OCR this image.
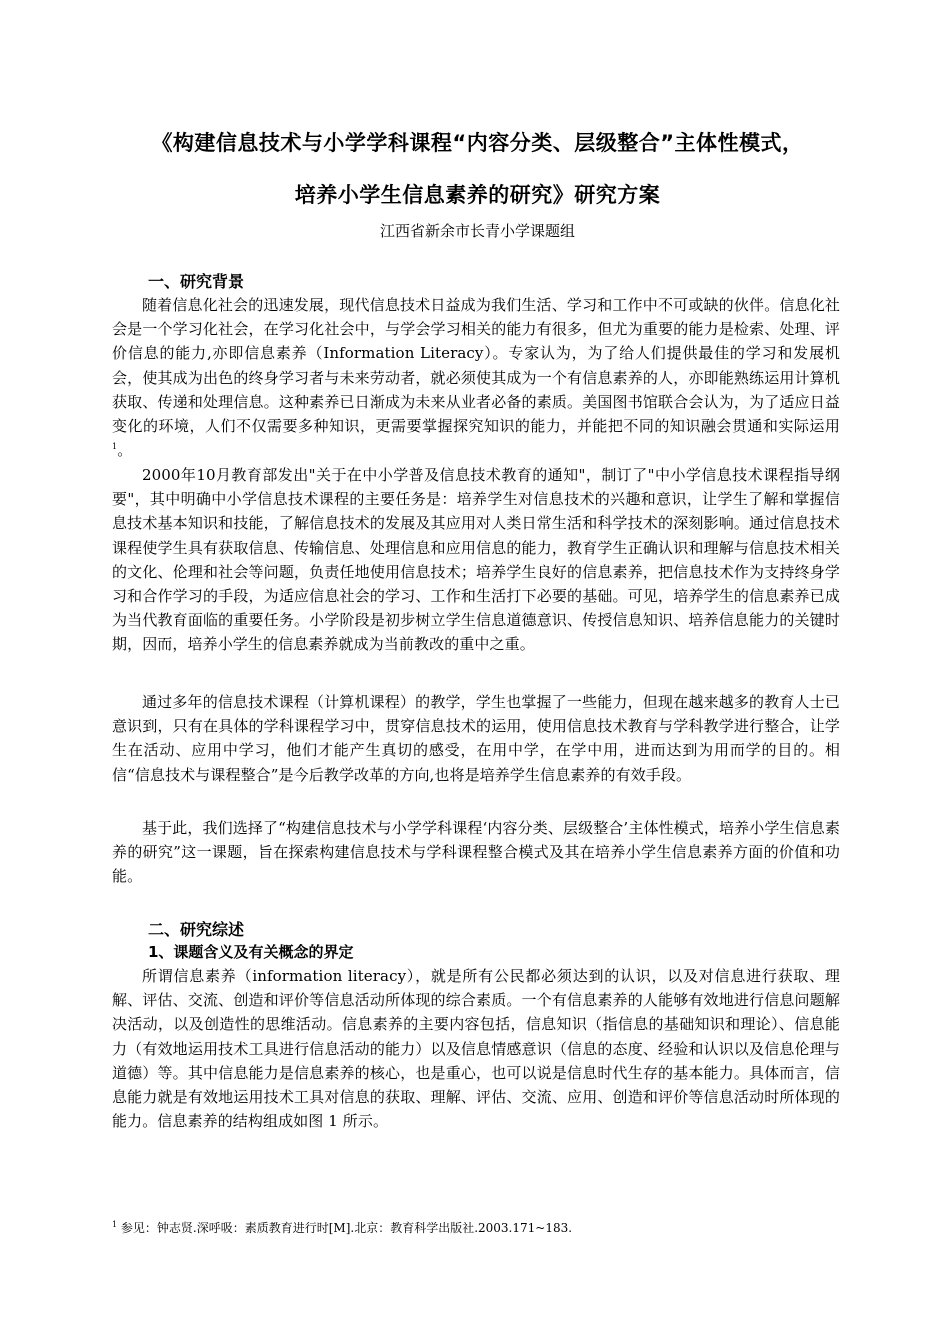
《构建信息技术与小学学科课程“内容分类、层级整合”主体性模式，
培养小学生信息素养的研究》研究方案
江西省新余市长青小学课题组
一、研究背景

随着信息化社会的迅速发展，现代信息技术日益成为我们生活、学习和工作中不可或缺的伙伴。信息化社会是一个学习化社会，在学习化社会中，与学会学习相关的能力有很多，但尤为重要的能力是检索、处理、评价信息的能力,亦即信息素养（Information Literacy）。专家认为，为了给人们提供最佳的学习和发展机会，使其成为出色的终身学习者与未来劳动者，就必须使其成为一个有信息素养的人，亦即能熟练运用计算机获取、传递和处理信息。这种素养已日渐成为未来从业者必备的素质。美国图书馆联合会认为，为了适应日益变化的环境，人们不仅需要多种知识，更需要掌握探究知识的能力，并能把不同的知识融会贯通和实际运用$^1$。

2000年10月教育部发出"关于在中小学普及信息技术教育的通知"，制订了"中小学信息技术课程指导纲要"，其中明确中小学信息技术课程的主要任务是：培养学生对信息技术的兴趣和意识，让学生了解和掌握信息技术基本知识和技能，了解信息技术的发展及其应用对人类日常生活和科学技术的深刻影响。通过信息技术课程使学生具有获取信息、传输信息、处理信息和应用信息的能力，教育学生正确认识和理解与信息技术相关的文化、伦理和社会等问题，负责任地使用信息技术；培养学生良好的信息素养，把信息技术作为支持终身学习和合作学习的手段，为适应信息社会的学习、工作和生活打下必要的基础。可见，培养学生的信息素养已成为当代教育面临的重要任务。小学阶段是初步树立学生信息道德意识、传授信息知识、培养信息能力的关键时期，因而，培养小学生的信息素养就成为当前教改的重中之重。

通过多年的信息技术课程（计算机课程）的教学，学生也掌握了一些能力，但现在越来越多的教育人士已意识到，只有在具体的学科课程学习中，贯穿信息技术的运用，使用信息技术教育与学科教学进行整合，让学生在活动、应用中学习，他们才能产生真切的感受，在用中学，在学中用，进而达到为用而学的目的。相信“信息技术与课程整合”是今后教学改革的方向,也将是培养学生信息素养的有效手段。

基于此，我们选择了“构建信息技术与小学学科课程‘内容分类、层级整合’主体性模式，培养小学生信息素养的研究”这一课题，旨在探索构建信息技术与学科课程整合模式及其在培养小学生信息素养方面的价值和功能。

二、研究综述
1、课题含义及有关概念的界定

所谓信息素养（information literacy），就是所有公民都必须达到的认识，以及对信息进行获取、理解、评估、交流、创造和评价等信息活动所体现的综合素质。一个有信息素养的人能够有效地进行信息问题解决活动，以及创造性的思维活动。信息素养的主要内容包括，信息知识（指信息的基础知识和理论）、信息能力（有效地运用技术工具进行信息活动的能力）以及信息情感意识（信息的态度、经验和认识以及信息伦理与道德）等。其中信息能力是信息素养的核心，也是重心，也可以说是信息时代生存的基本能力。具体而言，信息能力就是有效地运用技术工具对信息的获取、理解、评估、交流、应用、创造和评价等信息活动时所体现的能力。信息素养的结构组成如图 1 所示。

$^1$ 参见：钟志贤.深呼吸：素质教育进行时[M].北京：教育科学出版社.2003.171~183.
